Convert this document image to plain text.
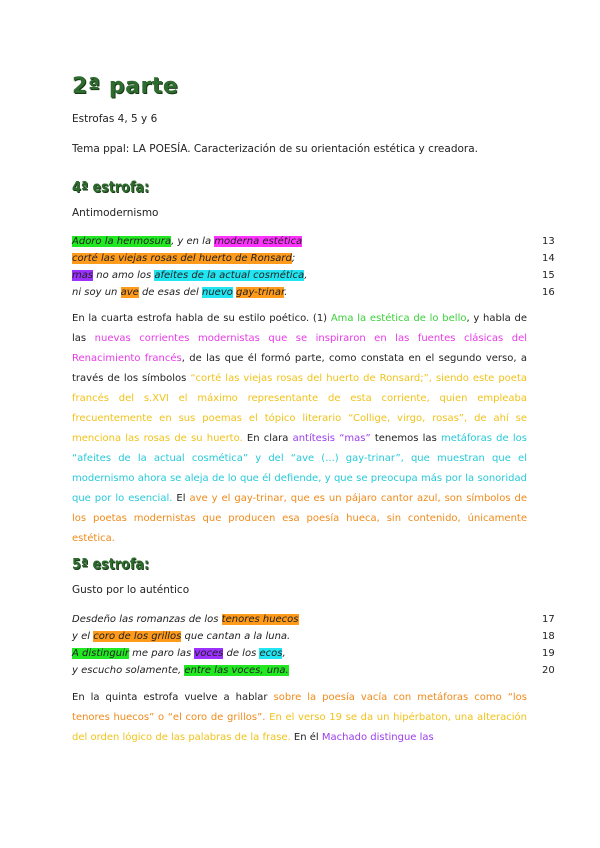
2ª parte
Estrofas 4, 5 y 6
Tema ppal: LA POESÍA. Caracterización de su orientación estética y creadora.
4ª estrofa:
Antimodernismo
Adoro la hermosura, y en la moderna estética	13
corté las viejas rosas del huerto de Ronsard;	14
mas no amo los afeites de la actual cosmética,	15
ni soy un ave de esas del nuevo gay-trinar.	16
En la cuarta estrofa habla de su estilo poético. (1) Ama la estética de lo bello, y habla de las nuevas corrientes modernistas que se inspiraron en las fuentes clásicas del Renacimiento francés, de las que él formó parte, como constata en el segundo verso, a través de los símbolos “corté las viejas rosas del huerto de Ronsard;”, siendo este poeta francés del s.XVI el máximo representante de esta corriente, quien empleaba frecuentemente en sus poemas el tópico literario “Collige, virgo, rosas”, de ahí se menciona las rosas de su huerto. En clara antítesis “mas” tenemos las metáforas de los “afeites de la actual cosmética” y del “ave (...) gay-trinar”, que muestran que el modernismo ahora se aleja de lo que él defiende, y que se preocupa más por la sonoridad que por lo esencial. El ave y el gay-trinar, que es un pájaro cantor azul, son símbolos de los poetas modernistas que producen esa poesía hueca, sin contenido, únicamente estética.
5ª estrofa:
Gusto por lo auténtico
Desdeño las romanzas de los tenores huecos	17
y el coro de los grillos que cantan a la luna.	18
A distinguir me paro las voces de los ecos,	19
y escucho solamente, entre las voces, una.	20
En la quinta estrofa vuelve a hablar sobre la poesía vacía con metáforas como “los tenores huecos” o “el coro de grillos”. En el verso 19 se da un hipérbaton, una alteración del orden lógico de las palabras de la frase. En él Machado distingue las
